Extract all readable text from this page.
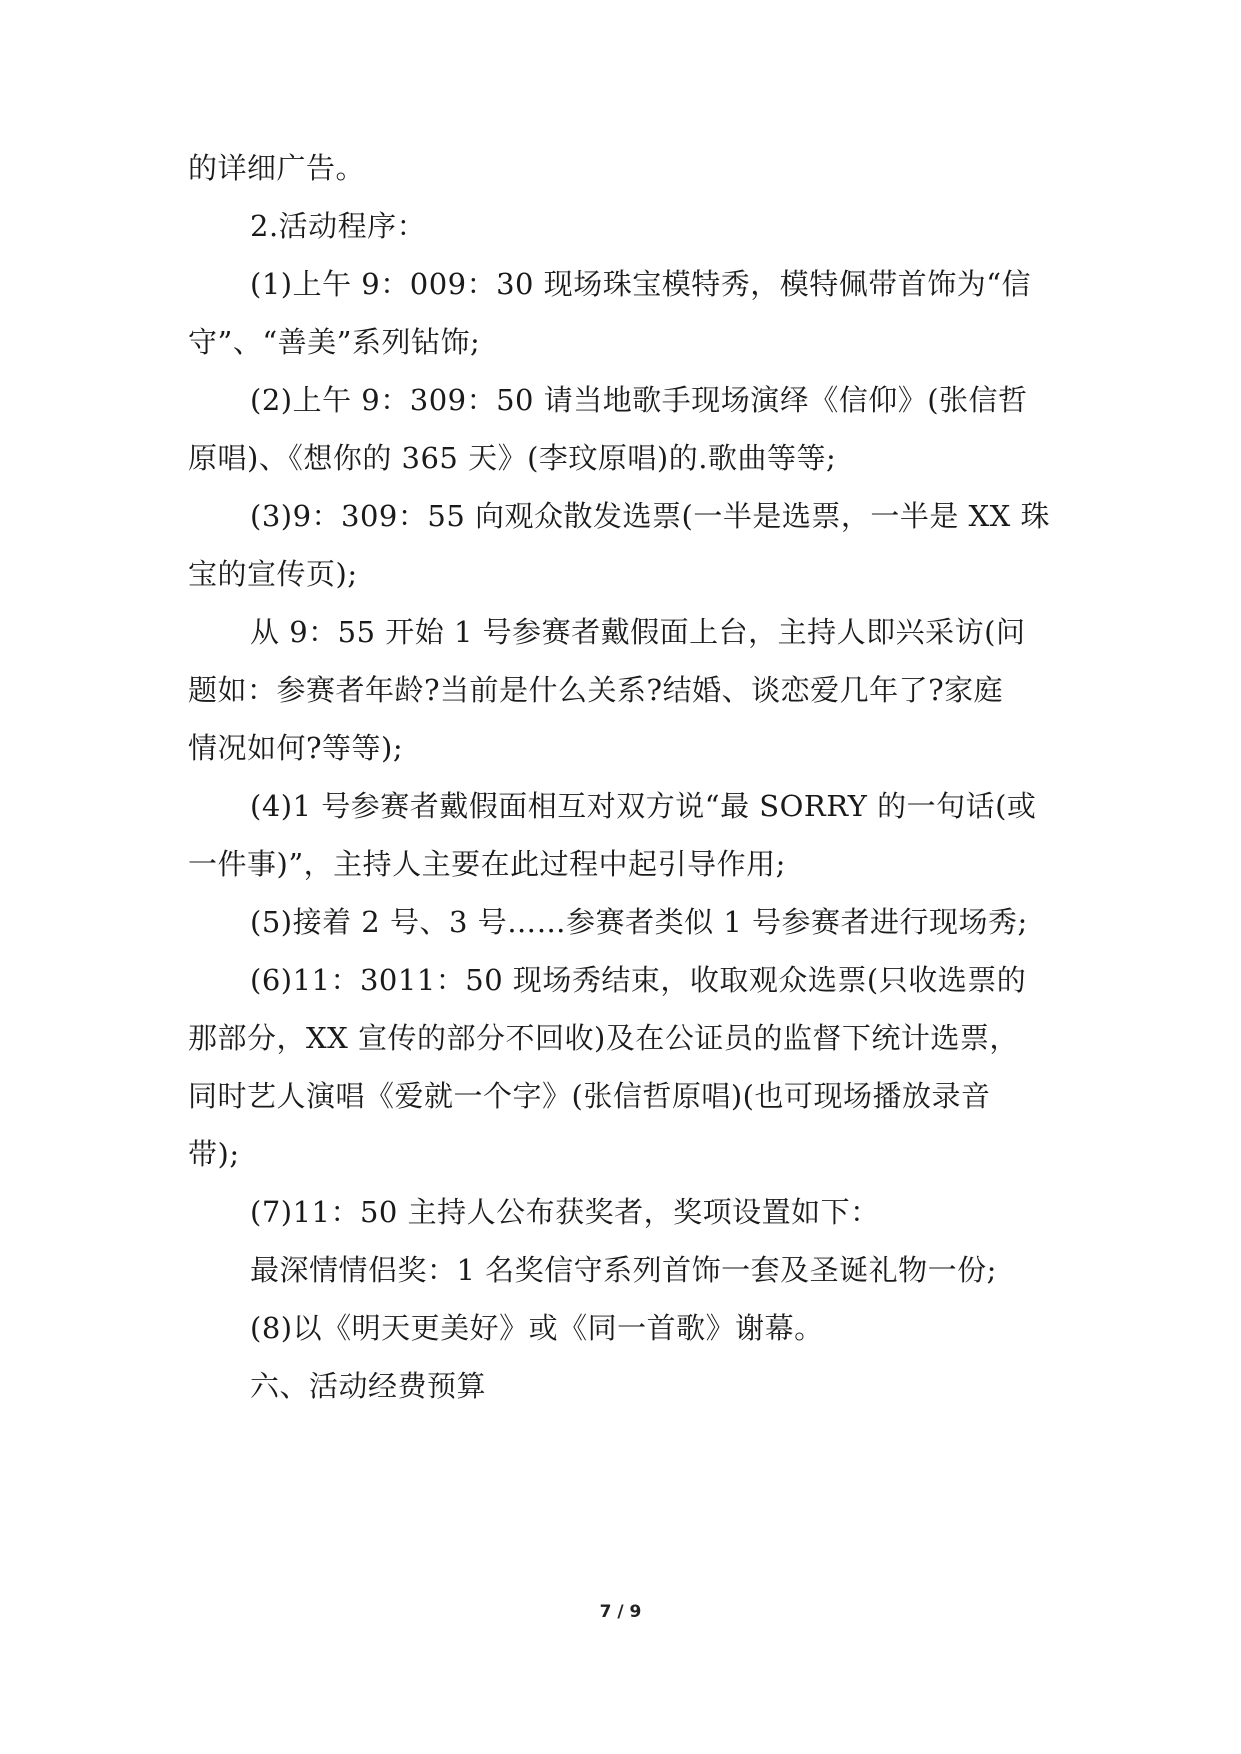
的详细广告。
2.活动程序：
(1)上午 9：009：30 现场珠宝模特秀，模特佩带首饰为“信
守”、“善美”系列钻饰;
(2)上午 9：309：50 请当地歌手现场演绎《信仰》(张信哲
原唱)、《想你的 365 天》(李玟原唱)的.歌曲等等;
(3)9：309：55 向观众散发选票(一半是选票，一半是 XX 珠
宝的宣传页);
从 9：55 开始 1 号参赛者戴假面上台，主持人即兴采访(问
题如：参赛者年龄?当前是什么关系?结婚、谈恋爱几年了?家庭
情况如何?等等);
(4)1 号参赛者戴假面相互对双方说“最 SORRY 的一句话(或
一件事)”，主持人主要在此过程中起引导作用;
(5)接着 2 号、3 号……参赛者类似 1 号参赛者进行现场秀;
(6)11：3011：50 现场秀结束，收取观众选票(只收选票的
那部分，XX 宣传的部分不回收)及在公证员的监督下统计选票，
同时艺人演唱《爱就一个字》(张信哲原唱)(也可现场播放录音
带);
(7)11：50 主持人公布获奖者，奖项设置如下：
最深情情侣奖：1 名奖信守系列首饰一套及圣诞礼物一份;
(8)以《明天更美好》或《同一首歌》谢幕。
六、活动经费预算
7 / 9
